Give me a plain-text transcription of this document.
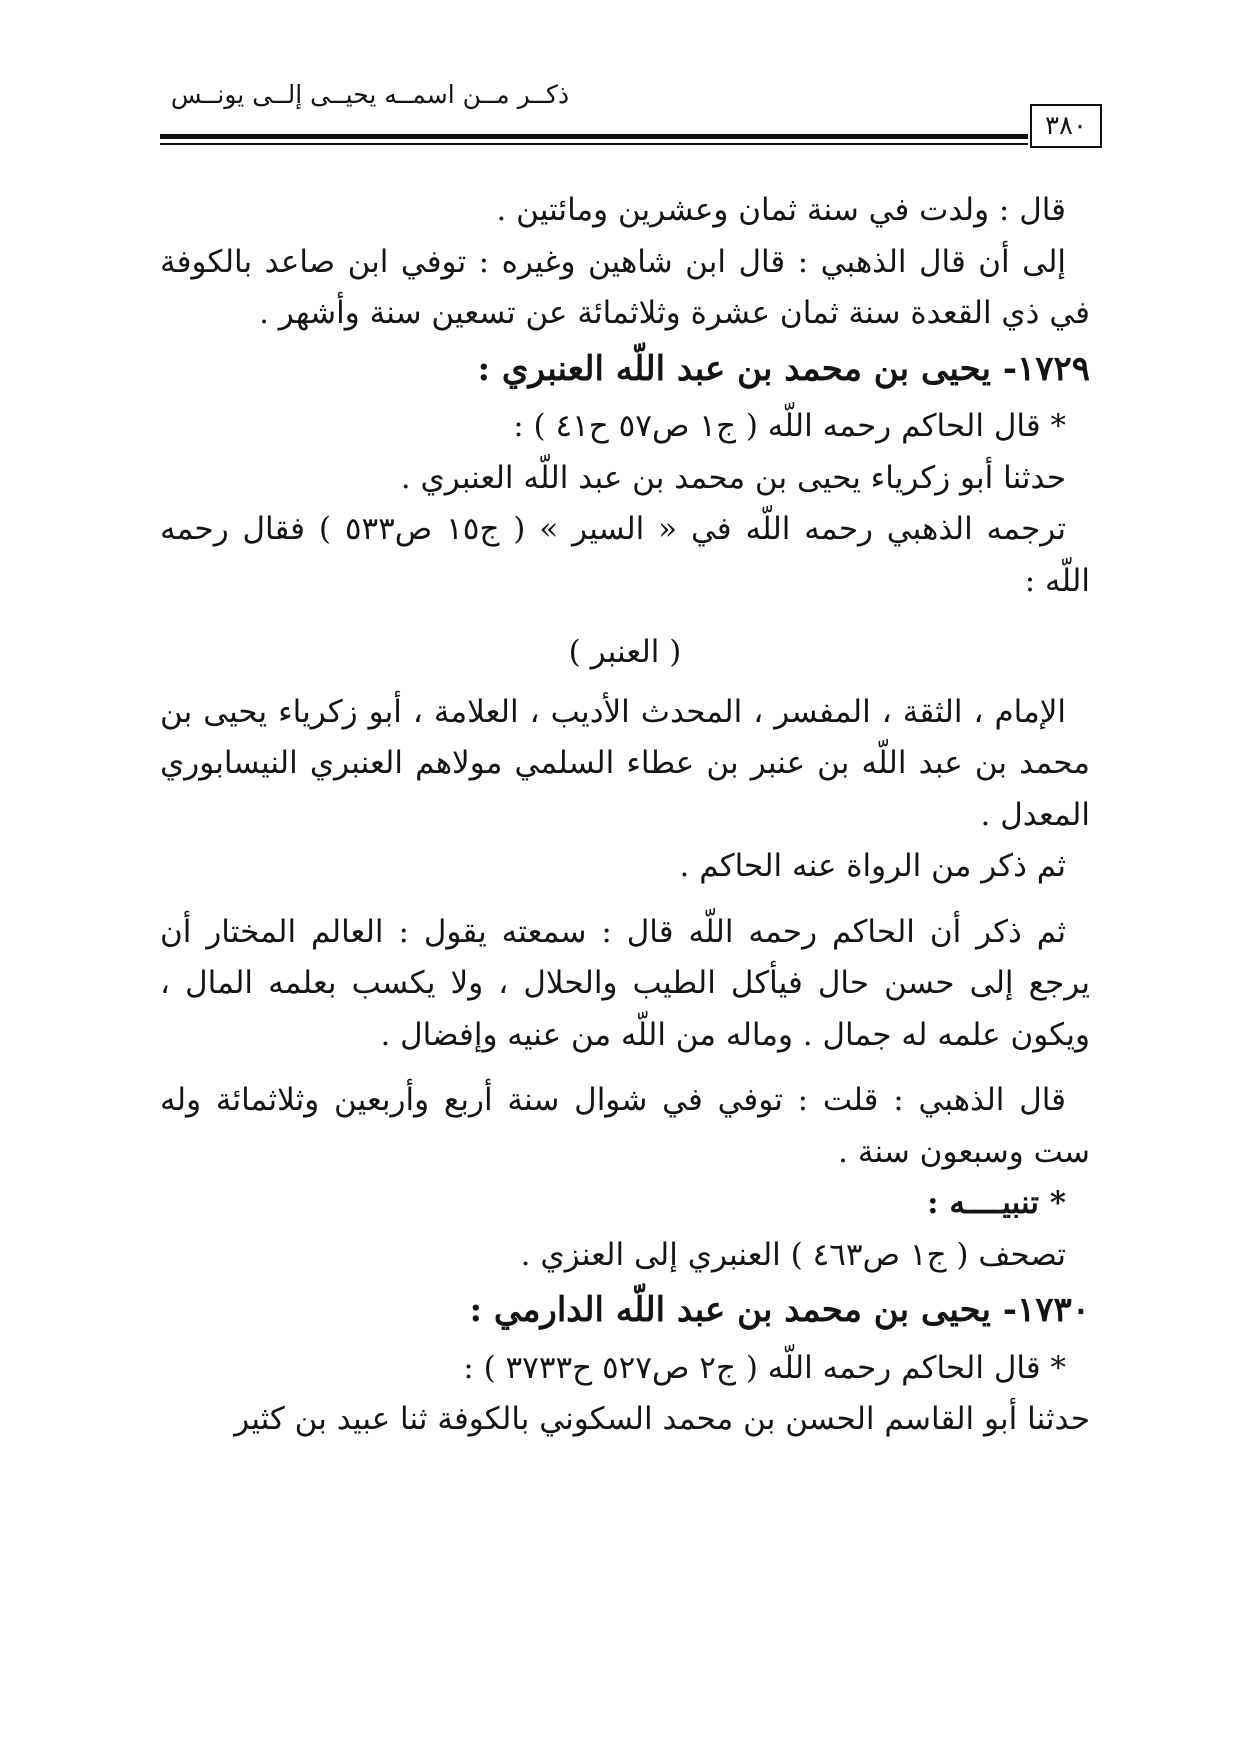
ذكــر مــن اسمــه يحيــى إلــى يونــس
٣٨٠

قال : ولدت في سنة ثمان وعشرين ومائتين .

إلى أن قال الذهبي : قال ابن شاهين وغيره : توفي ابن صاعد بالكوفة في ذي القعدة سنة ثمان عشرة وثلاثمائة عن تسعين سنة وأشهر .

١٧٢٩- يحيى بن محمد بن عبد اللّه العنبري :

* قال الحاكم رحمه اللّه ( ج١ ص٥٧ ح٤١ ) :

حدثنا أبو زكرياء يحيى بن محمد بن عبد اللّه العنبري .

ترجمه الذهبي رحمه اللّه في « السير » ( ج١٥ ص٥٣٣ ) فقال رحمه اللّه :

( العنبر )

الإمام ، الثقة ، المفسر ، المحدث الأديب ، العلامة ، أبو زكرياء يحيى بن محمد بن عبد اللّه بن عنبر بن عطاء السلمي مولاهم العنبري النيسابوري المعدل .

ثم ذكر من الرواة عنه الحاكم .

ثم ذكر أن الحاكم رحمه اللّه قال : سمعته يقول : العالم المختار أن يرجع إلى حسن حال فيأكل الطيب والحلال ، ولا يكسب بعلمه المال ، ويكون علمه له جمال . وماله من اللّه من عنيه وإفضال .

قال الذهبي : قلت : توفي في شوال سنة أربع وأربعين وثلاثمائة وله ست وسبعون سنة .

* تنبيــــه :

تصحف ( ج١ ص٤٦٣ ) العنبري إلى العنزي .

١٧٣٠- يحيى بن محمد بن عبد اللّه الدارمي :

* قال الحاكم رحمه اللّه ( ج٢ ص٥٢٧ ح٣٧٣٣ ) :

حدثنا أبو القاسم الحسن بن محمد السكوني بالكوفة ثنا عبيد بن كثير
